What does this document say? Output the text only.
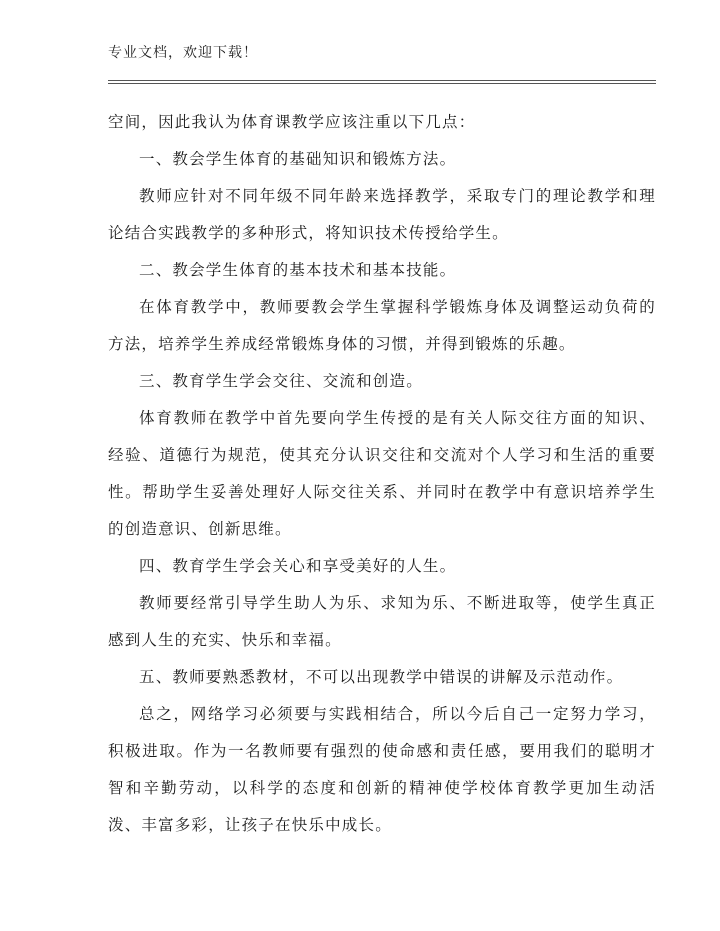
专业文档，欢迎下载！

空间，因此我认为体育课教学应该注重以下几点：

一、教会学生体育的基础知识和锻炼方法。

教师应针对不同年级不同年龄来选择教学，采取专门的理论教学和理论结合实践教学的多种形式，将知识技术传授给学生。

二、教会学生体育的基本技术和基本技能。

在体育教学中，教师要教会学生掌握科学锻炼身体及调整运动负荷的方法，培养学生养成经常锻炼身体的习惯，并得到锻炼的乐趣。

三、教育学生学会交往、交流和创造。

体育教师在教学中首先要向学生传授的是有关人际交往方面的知识、经验、道德行为规范，使其充分认识交往和交流对个人学习和生活的重要性。帮助学生妥善处理好人际交往关系、并同时在教学中有意识培养学生的创造意识、创新思维。

四、教育学生学会关心和享受美好的人生。

教师要经常引导学生助人为乐、求知为乐、不断进取等，使学生真正感到人生的充实、快乐和幸福。

五、教师要熟悉教材，不可以出现教学中错误的讲解及示范动作。

总之，网络学习必须要与实践相结合，所以今后自己一定努力学习，积极进取。作为一名教师要有强烈的使命感和责任感，要用我们的聪明才智和辛勤劳动，以科学的态度和创新的精神使学校体育教学更加生动活泼、丰富多彩，让孩子在快乐中成长。
